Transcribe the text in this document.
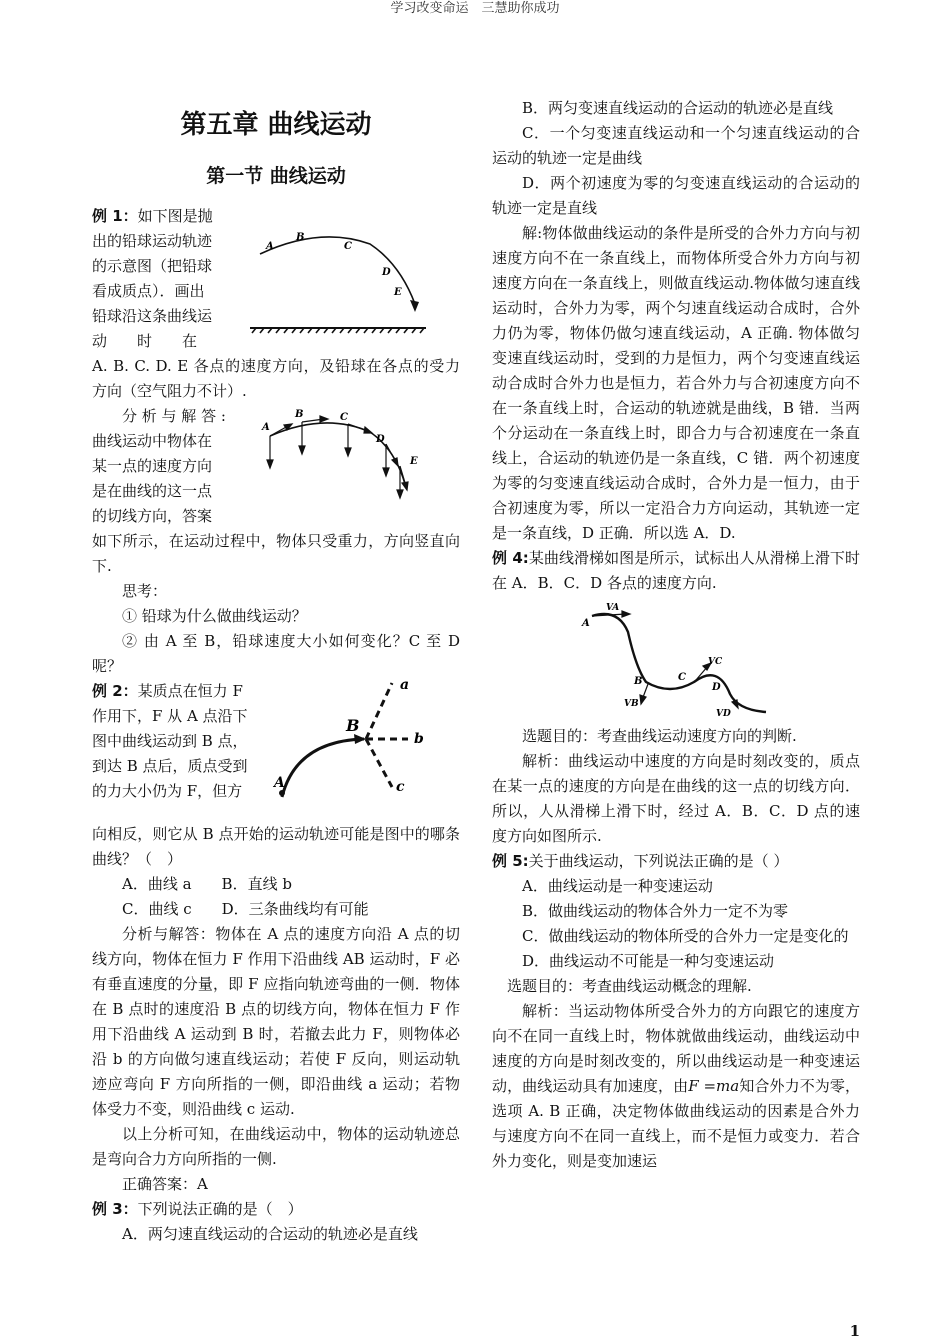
学习改变命运　三慧助你成功
第五章 曲线运动
第一节 曲线运动

例 1：如下图是抛

出的铅球运动轨迹

的示意图（把铅球

看成质点）．画出

铅球沿这条曲线运

动　　时　　在

A
B
C
D
E

A. B. C. D. E 各点的速度方向，及铅球在各点的受力方向（空气阻力不计）.

分 析 与 解 答 :

曲线运动中物体在

某一点的速度方向

是在曲线的这一点

的切线方向，答案

A
B	C
D
E

如下所示，在运动过程中，物体只受重力，方向竖直向下.

思考：

① 铅球为什么做曲线运动？

② 由 A 至 B，铅球速度大小如何变化？C 至 D 呢？

例 2：某质点在恒力 F

作用下，F 从 A 点沿下

图中曲线运动到 B 点，

到达 B 点后，质点受到

的力大小仍为 F，但方	A
B
a
b
c

向相反，则它从 B 点开始的运动轨迹可能是图中的哪条曲线？（　）

A．曲线 a　　B．直线 b

C．曲线 c　　D．三条曲线均有可能

分析与解答：物体在 A 点的速度方向沿 A 点的切线方向，物体在恒力 F 作用下沿曲线 AB 运动时，F 必有垂直速度的分量，即 F 应指向轨迹弯曲的一侧．物体在 B 点时的速度沿 B 点的切线方向，物体在恒力 F 作用下沿曲线 A 运动到 B 时，若撤去此力 F，则物体必沿 b 的方向做匀速直线运动；若使 F 反向，则运动轨迹应弯向 F 方向所指的一侧，即沿曲线 a 运动；若物体受力不变，则沿曲线 c 运动.

以上分析可知，在曲线运动中，物体的运动轨迹总是弯向合力方向所指的一侧.

正确答案：A

例 3：下列说法正确的是（　）

A．两匀速直线运动的合运动的轨迹必是直线

B．两匀变速直线运动的合运动的轨迹必是直线

C．一个匀变速直线运动和一个匀速直线运动的合运动的轨迹一定是曲线

D．两个初速度为零的匀变速直线运动的合运动的轨迹一定是直线

解:物体做曲线运动的条件是所受的合外力方向与初速度方向不在一条直线上，而物体所受合外力方向与初速度方向在一条直线上，则做直线运动.物体做匀速直线运动时，合外力为零，两个匀速直线运动合成时，合外力仍为零，物体仍做匀速直线运动，A 正确. 物体做匀变速直线运动时，受到的力是恒力，两个匀变速直线运动合成时合外力也是恒力，若合外力与合初速度方向不在一条直线上时，合运动的轨迹就是曲线，B 错．当两个分运动在一条直线上时，即合力与合初速度在一条直线上，合运动的轨迹仍是一条直线，C 错．两个初速度为零的匀变速直线运动合成时，合外力是一恒力，由于合初速度为零，所以一定沿合力方向运动，其轨迹一定是一条直线，D 正确．所以选 A．D.

例 4:某曲线滑梯如图是所示，试标出人从滑梯上滑下时在 A．B．C．D 各点的速度方向.

VA
A
B
VB
C
VC
D
VD

选题目的：考查曲线运动速度方向的判断.

解析：曲线运动中速度的方向是时刻改变的，质点在某一点的速度的方向是在曲线的这一点的切线方向．所以，人从滑梯上滑下时，经过 A．B．C．D 点的速度方向如图所示.

例 5:关于曲线运动，下列说法正确的是（ ）

A．曲线运动是一种变速运动

B．做曲线运动的物体合外力一定不为零

C．做曲线运动的物体所受的合外力一定是变化的

D．曲线运动不可能是一种匀变速运动

选题目的：考查曲线运动概念的理解.

解析：当运动物体所受合外力的方向跟它的速度方向不在同一直线上时，物体就做曲线运动，曲线运动中速度的方向是时刻改变的，所以曲线运动是一种变速运动，曲线运动具有加速度，由F =ma知合外力不为零，选项 A. B 正确，决定物体做曲线运动的因素是合外力与速度方向不在同一直线上，而不是恒力或变力．若合外力变化，则是变加速运

1
